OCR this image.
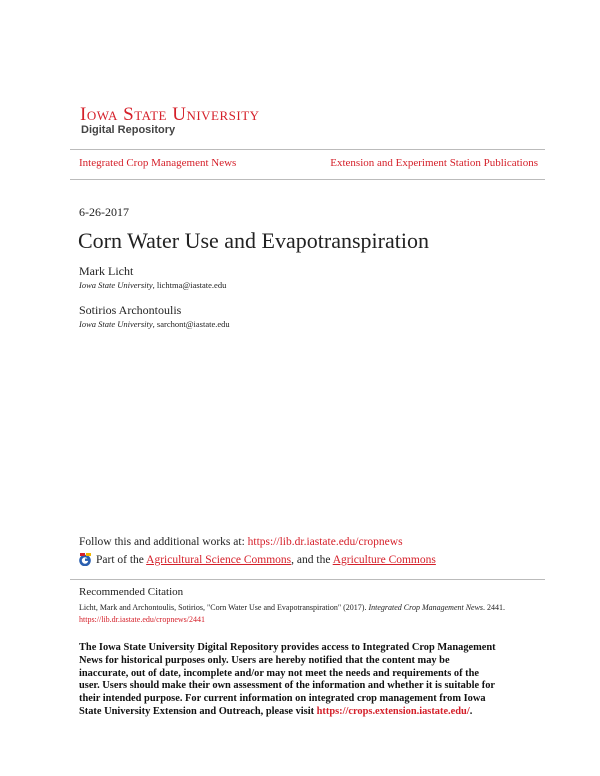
Iowa State University
Digital Repository
Integrated Crop Management News	Extension and Experiment Station Publications
6-26-2017
Corn Water Use and Evapotranspiration
Mark Licht
Iowa State University, lichtma@iastate.edu
Sotirios Archontoulis
Iowa State University, sarchont@iastate.edu
Follow this and additional works at: https://lib.dr.iastate.edu/cropnews
Part of the Agricultural Science Commons, and the Agriculture Commons
Recommended Citation
Licht, Mark and Archontoulis, Sotirios, "Corn Water Use and Evapotranspiration" (2017). Integrated Crop Management News. 2441.
https://lib.dr.iastate.edu/cropnews/2441
The Iowa State University Digital Repository provides access to Integrated Crop Management
News for historical purposes only. Users are hereby notified that the content may be
inaccurate, out of date, incomplete and/or may not meet the needs and requirements of the
user. Users should make their own assessment of the information and whether it is suitable for
their intended purpose. For current information on integrated crop management from Iowa
State University Extension and Outreach, please visit https://crops.extension.iastate.edu/.
